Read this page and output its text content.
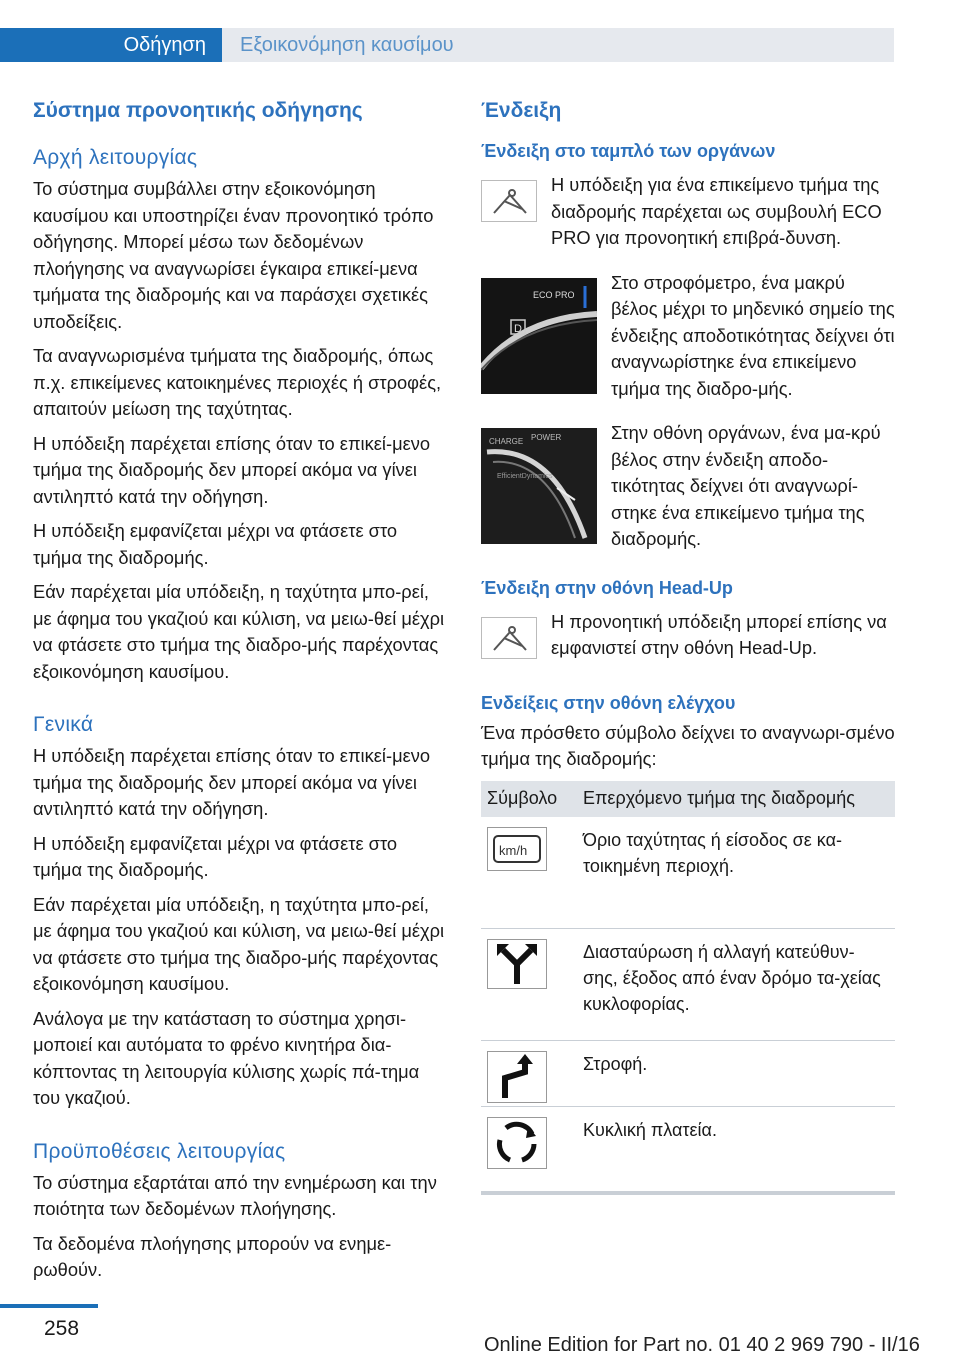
Οδήγηση	Εξοικονόμηση καυσίμου
Σύστημα προνοητικής οδήγησης
Αρχή λειτουργίας

Το σύστημα συμβάλλει στην εξοικονόμηση καυσίμου και υποστηρίζει έναν προνοητικό τρόπο οδήγησης. Μπορεί μέσω των δεδομένων πλοήγησης να αναγνωρίσει έγκαιρα επικεί-μενα τμήματα της διαδρομής και να παράσχει σχετικές υποδείξεις.

Τα αναγνωρισμένα τμήματα της διαδρομής, όπως π.χ. επικείμενες κατοικημένες περιοχές ή στροφές, απαιτούν μείωση της ταχύτητας.

Η υπόδειξη παρέχεται επίσης όταν το επικεί-μενο τμήμα της διαδρομής δεν μπορεί ακόμα να γίνει αντιληπτό κατά την οδήγηση.

Η υπόδειξη εμφανίζεται μέχρι να φτάσετε στο τμήμα της διαδρομής.

Εάν παρέχεται μία υπόδειξη, η ταχύτητα μπο-ρεί, με άφημα του γκαζιού και κύλιση, να μειω-θεί μέχρι να φτάσετε στο τμήμα της διαδρο-μής παρέχοντας εξοικονόμηση καυσίμου.

Γενικά

Η υπόδειξη παρέχεται επίσης όταν το επικεί-μενο τμήμα της διαδρομής δεν μπορεί ακόμα να γίνει αντιληπτό κατά την οδήγηση.

Η υπόδειξη εμφανίζεται μέχρι να φτάσετε στο τμήμα της διαδρομής.

Εάν παρέχεται μία υπόδειξη, η ταχύτητα μπο-ρεί, με άφημα του γκαζιού και κύλιση, να μειω-θεί μέχρι να φτάσετε στο τμήμα της διαδρο-μής παρέχοντας εξοικονόμηση καυσίμου.

Ανάλογα με την κατάσταση το σύστημα χρησι-μοποιεί και αυτόματα το φρένο κινητήρα δια-κόπτοντας τη λειτουργία κύλισης χωρίς πά-τημα του γκαζιού.

Προϋποθέσεις λειτουργίας

Το σύστημα εξαρτάται από την ενημέρωση και την ποιότητα των δεδομένων πλοήγησης.

Τα δεδομένα πλοήγησης μπορούν να ενημε-ρωθούν.

Ένδειξη
Ένδειξη στο ταμπλό των οργάνων

Η υπόδειξη για ένα επικείμενο τμήμα της διαδρομής παρέχεται ως συμβουλή ECO PRO για προνοητική επιβρά-δυνση.

D
ECO PRO

Στο στροφόμετρο, ένα μακρύ βέλος μέχρι το μηδενικό σημείο της ένδειξης αποδοτικότητας δείχνει ότι αναγνωρίστηκε ένα επικείμενο τμήμα της διαδρο-μής.

CHARGE POWER
EfficientDynamics

Στην οθόνη οργάνων, ένα μα-κρύ βέλος στην ένδειξη αποδο-τικότητας δείχνει ότι αναγνωρί-στηκε ένα επικείμενο τμήμα της διαδρομής.

Ένδειξη στην οθόνη Head-Up

Η προνοητική υπόδειξη μπορεί επίσης να εμφανιστεί στην οθόνη Head-Up.

Ενδείξεις στην οθόνη ελέγχου

Ένα πρόσθετο σύμβολο δείχνει το αναγνωρι-σμένο τμήμα της διαδρομής:

Σύμβολο	Επερχόμενο τμήμα της διαδρομής

km/h	Όριο ταχύτητας ή είσοδος σε κα-τοικημένη περιοχή.

	Διασταύρωση ή αλλαγή κατεύθυν-σης, έξοδος από έναν δρόμο τα-χείας κυκλοφορίας.

	Στροφή.

	Κυκλική πλατεία.
258
Online Edition for Part no. 01 40 2 969 790 - II/16
